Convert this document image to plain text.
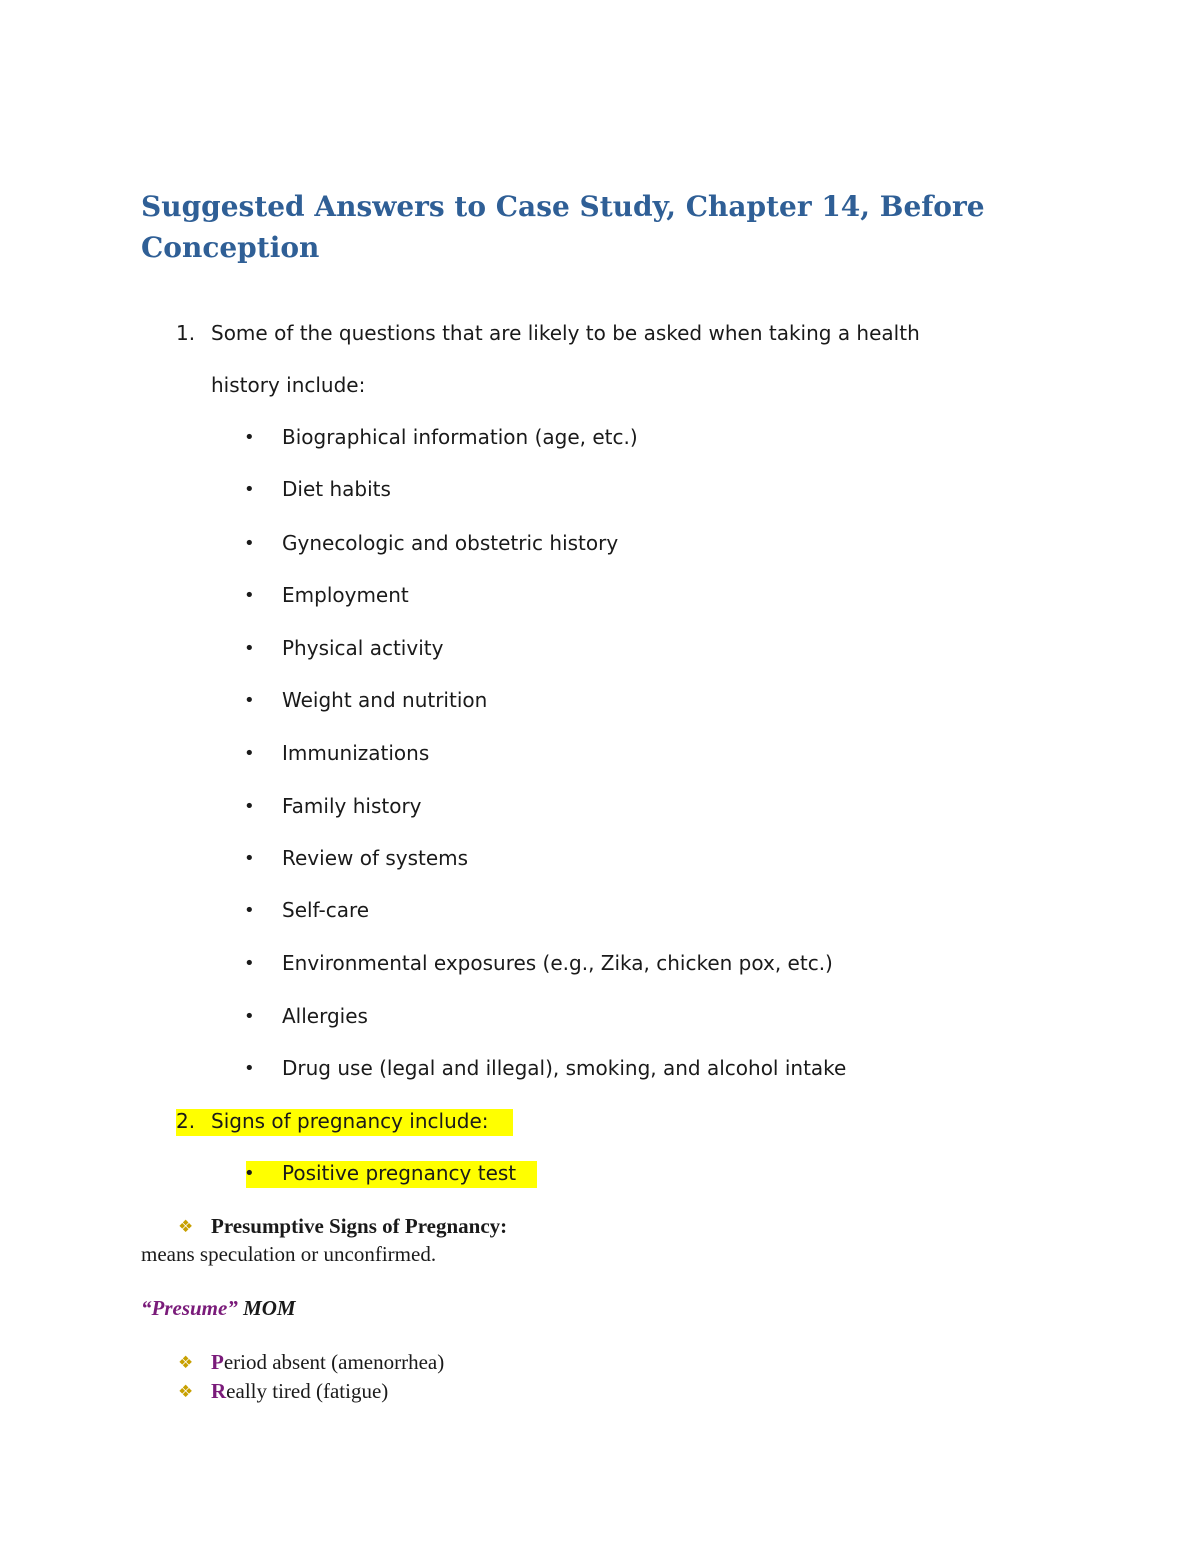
Suggested Answers to Case Study, Chapter 14, Before Conception
1. Some of the questions that are likely to be asked when taking a health
history include:
• Biographical information (age, etc.)
• Diet habits
• Gynecologic and obstetric history
• Employment
• Physical activity
• Weight and nutrition
• Immunizations
• Family history
• Review of systems
• Self-care
• Environmental exposures (e.g., Zika, chicken pox, etc.)
• Allergies
• Drug use (legal and illegal), smoking, and alcohol intake
2. Signs of pregnancy include:
• Positive pregnancy test
❖ Presumptive Signs of Pregnancy:
means speculation or unconfirmed.
“Presume” MOM
❖ Period absent (amenorrhea)
❖ Really tired (fatigue)
